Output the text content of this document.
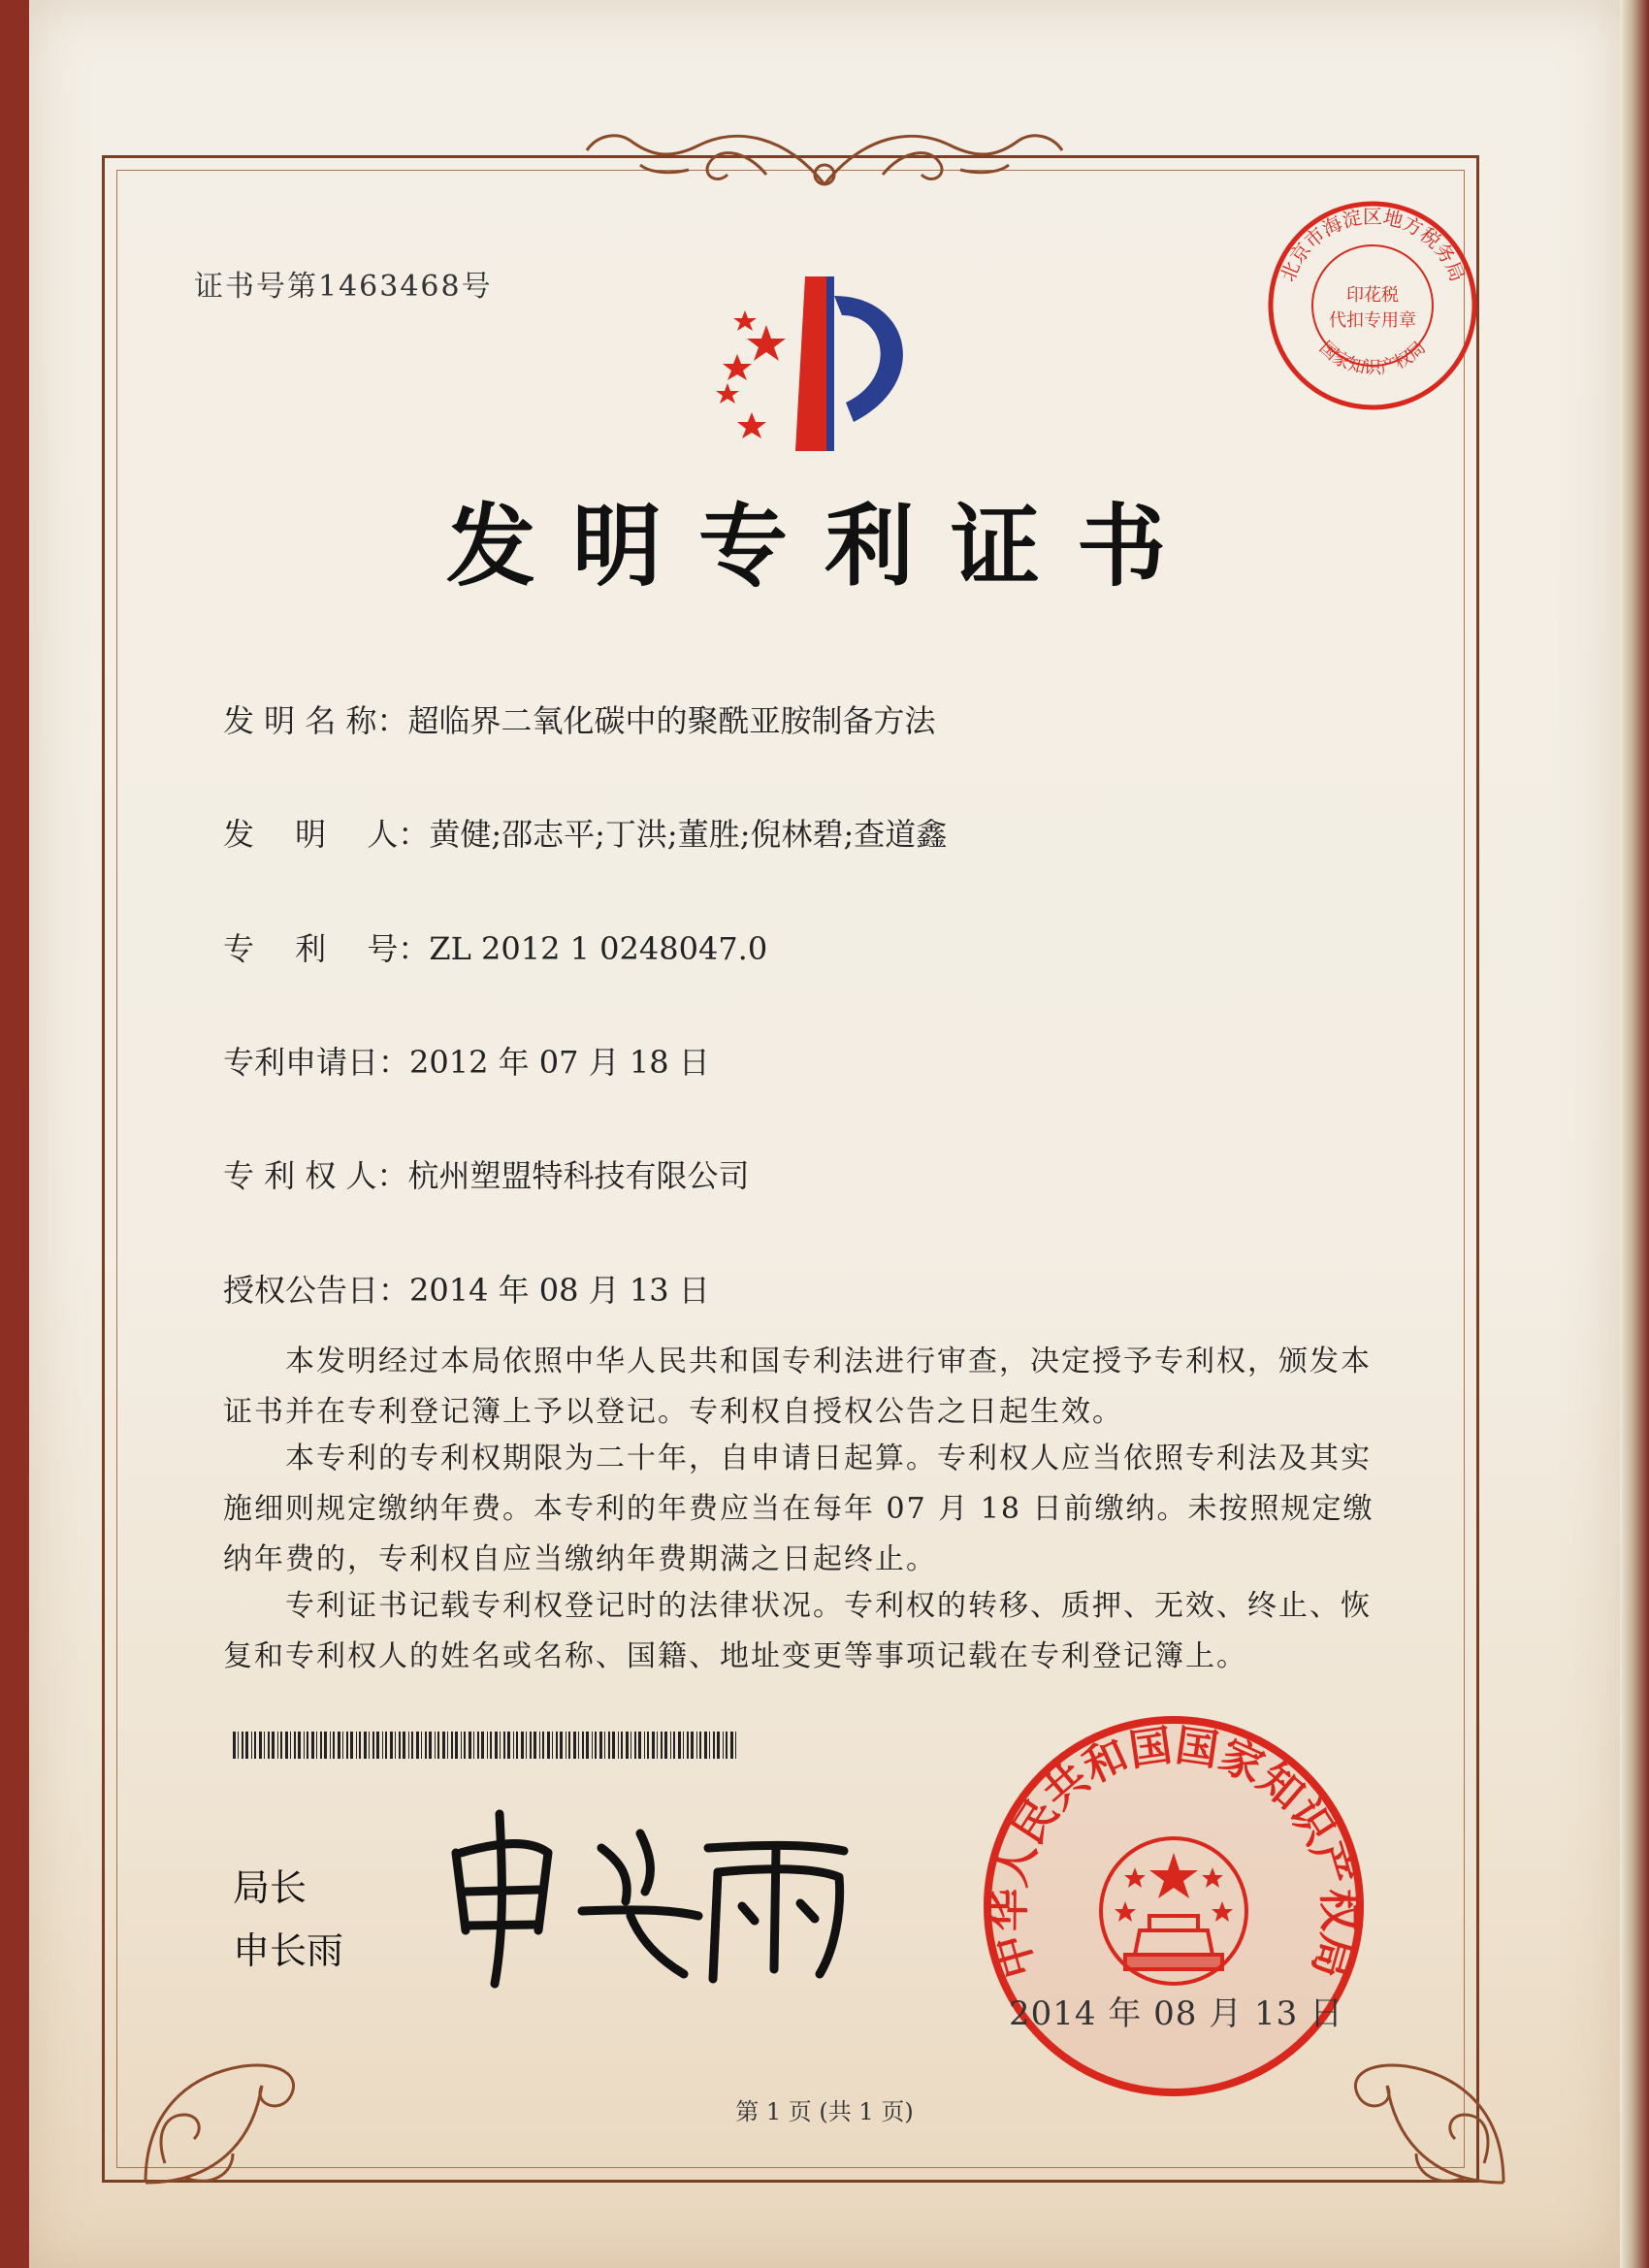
北京市海淀区地方税务局
国家知识产权局
印花税
代扣专用章
证书号第1463468号
发明专利证书
发 明 名 称：超临界二氧化碳中的聚酰亚胺制备方法
发　 明　 人：黄健;邵志平;丁洪;董胜;倪林碧;查道鑫
专　 利　 号：ZL 2012 1 0248047.0
专利申请日：2012 年 07 月 18 日
专 利 权 人：杭州塑盟特科技有限公司
授权公告日：2014 年 08 月 13 日

本发明经过本局依照中华人民共和国专利法进行审查，决定授予专利权，颁发本证书并在专利登记簿上予以登记。专利权自授权公告之日起生效。

本专利的专利权期限为二十年，自申请日起算。专利权人应当依照专利法及其实施细则规定缴纳年费。本专利的年费应当在每年 07 月 18 日前缴纳。未按照规定缴纳年费的，专利权自应当缴纳年费期满之日起终止。

专利证书记载专利权登记时的法律状况。专利权的转移、质押、无效、终止、恢复和专利权人的姓名或名称、国籍、地址变更等事项记载在专利登记簿上。

局长
申长雨	中华人民共和国国家知识产权局
2014 年 08 月 13 日
第 1 页 (共 1 页)
